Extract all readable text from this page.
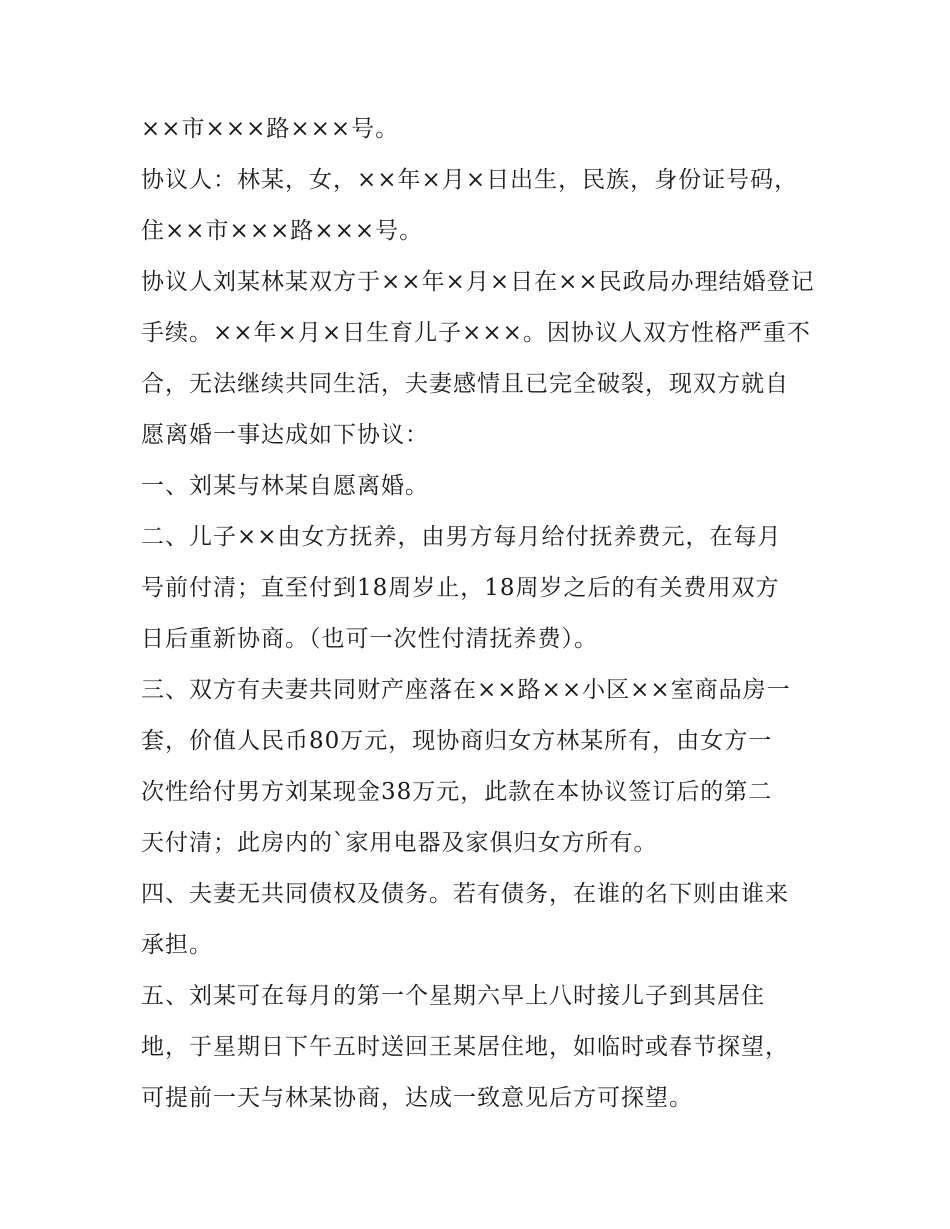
××市×××路×××号。

协议人：林某，女，××年×月×日出生，民族，身份证号码，

住××市×××路×××号。

协议人刘某林某双方于××年×月×日在××民政局办理结婚登记

手续。××年×月×日生育儿子×××。因协议人双方性格严重不

合，无法继续共同生活，夫妻感情且已完全破裂，现双方就自

愿离婚一事达成如下协议：

一、刘某与林某自愿离婚。

二、儿子××由女方抚养，由男方每月给付抚养费元，在每月

号前付清；直至付到18周岁止，18周岁之后的有关费用双方

日后重新协商。（也可一次性付清抚养费）。

三、双方有夫妻共同财产座落在××路××小区××室商品房一

套，价值人民币80万元，现协商归女方林某所有，由女方一

次性给付男方刘某现金38万元，此款在本协议签订后的第二

天付清；此房内的`家用电器及家俱归女方所有。

四、夫妻无共同债权及债务。若有债务，在谁的名下则由谁来

承担。

五、刘某可在每月的第一个星期六早上八时接儿子到其居住

地，于星期日下午五时送回王某居住地，如临时或春节探望，

可提前一天与林某协商，达成一致意见后方可探望。
